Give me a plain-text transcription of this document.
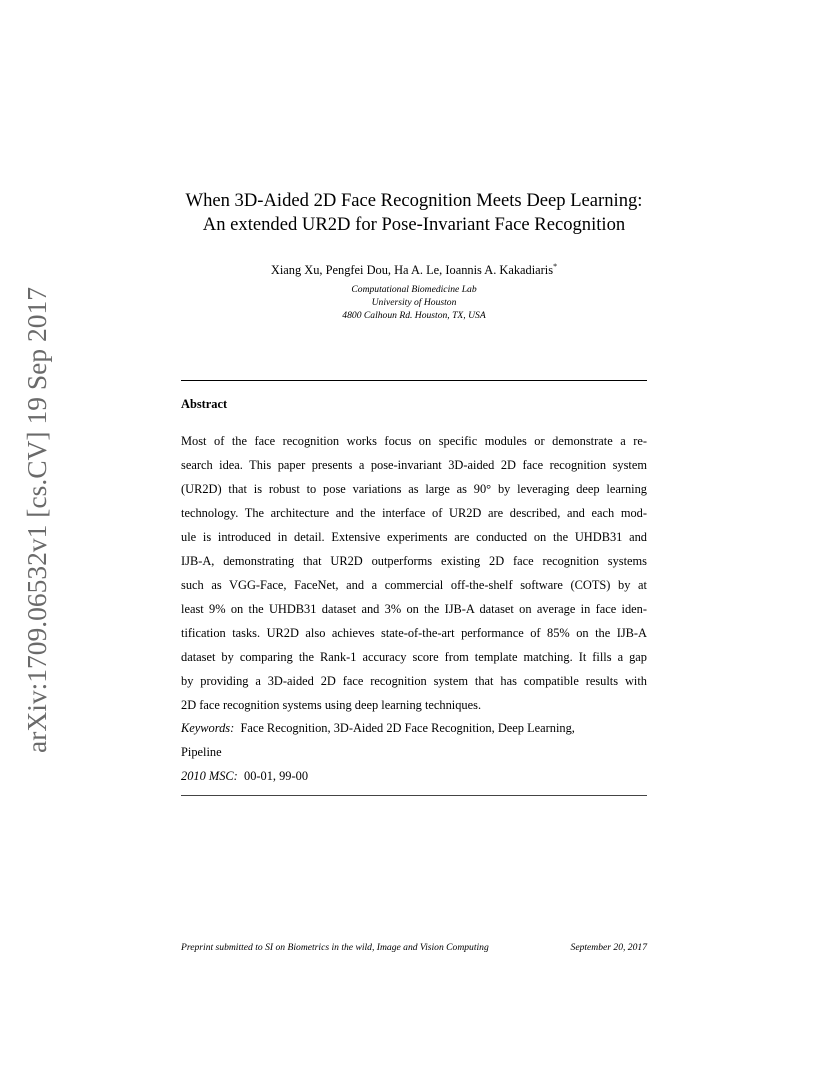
arXiv:1709.06532v1 [cs.CV] 19 Sep 2017
When 3D-Aided 2D Face Recognition Meets Deep Learning:
An extended UR2D for Pose-Invariant Face Recognition
Xiang Xu, Pengfei Dou, Ha A. Le, Ioannis A. Kakadiaris*
Computational Biomedicine Lab
University of Houston
4800 Calhoun Rd. Houston, TX, USA
Abstract
Most of the face recognition works focus on specific modules or demonstrate a re-
search idea. This paper presents a pose-invariant 3D-aided 2D face recognition system
(UR2D) that is robust to pose variations as large as 90° by leveraging deep learning
technology. The architecture and the interface of UR2D are described, and each mod-
ule is introduced in detail. Extensive experiments are conducted on the UHDB31 and
IJB-A, demonstrating that UR2D outperforms existing 2D face recognition systems
such as VGG-Face, FaceNet, and a commercial off-the-shelf software (COTS) by at
least 9% on the UHDB31 dataset and 3% on the IJB-A dataset on average in face iden-
tification tasks. UR2D also achieves state-of-the-art performance of 85% on the IJB-A
dataset by comparing the Rank-1 accuracy score from template matching. It fills a gap
by providing a 3D-aided 2D face recognition system that has compatible results with
2D face recognition systems using deep learning techniques.
Keywords: Face Recognition, 3D-Aided 2D Face Recognition, Deep Learning,
Pipeline
2010 MSC: 00-01, 99-00
Preprint submitted to SI on Biometrics in the wild, Image and Vision Computing	September 20, 2017
